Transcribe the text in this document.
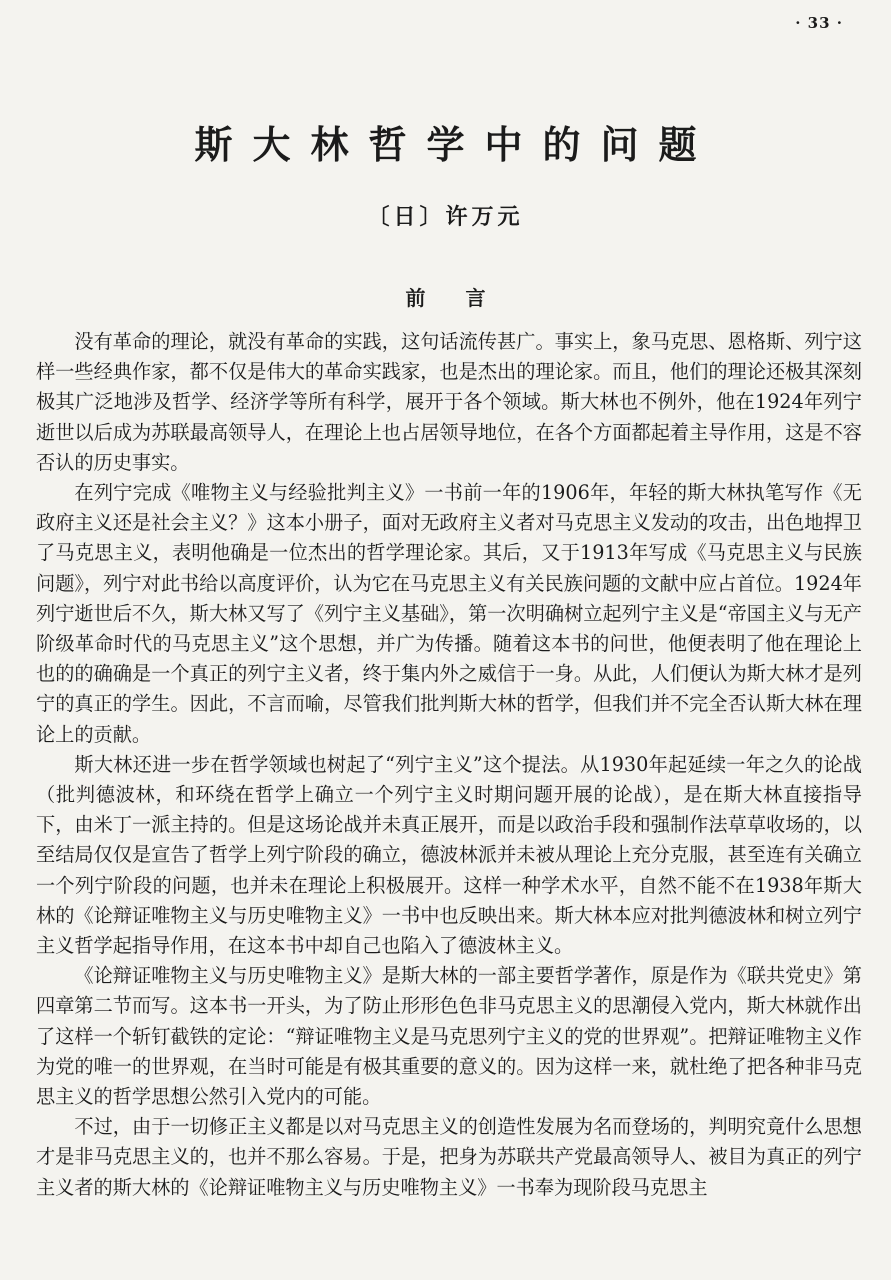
· 33 ·
斯大林哲学中的问题
〔日〕许万元
前言

没有革命的理论，就没有革命的实践，这句话流传甚广。事实上，象马克思、恩格斯、列宁这样一些经典作家，都不仅是伟大的革命实践家，也是杰出的理论家。而且，他们的理论还极其深刻极其广泛地涉及哲学、经济学等所有科学，展开于各个领域。斯大林也不例外，他在1924年列宁逝世以后成为苏联最高领导人，在理论上也占居领导地位，在各个方面都起着主导作用，这是不容否认的历史事实。

在列宁完成《唯物主义与经验批判主义》一书前一年的1906年，年轻的斯大林执笔写作《无政府主义还是社会主义？》这本小册子，面对无政府主义者对马克思主义发动的攻击，出色地捍卫了马克思主义，表明他确是一位杰出的哲学理论家。其后，又于1913年写成《马克思主义与民族问题》，列宁对此书给以高度评价，认为它在马克思主义有关民族问题的文献中应占首位。1924年列宁逝世后不久，斯大林又写了《列宁主义基础》，第一次明确树立起列宁主义是“帝国主义与无产阶级革命时代的马克思主义”这个思想，并广为传播。随着这本书的问世，他便表明了他在理论上也的的确确是一个真正的列宁主义者，终于集内外之威信于一身。从此，人们便认为斯大林才是列宁的真正的学生。因此，不言而喻，尽管我们批判斯大林的哲学，但我们并不完全否认斯大林在理论上的贡献。

斯大林还进一步在哲学领域也树起了“列宁主义”这个提法。从1930年起延续一年之久的论战（批判德波林，和环绕在哲学上确立一个列宁主义时期问题开展的论战），是在斯大林直接指导下，由米丁一派主持的。但是这场论战并未真正展开，而是以政治手段和强制作法草草收场的，以至结局仅仅是宣告了哲学上列宁阶段的确立，德波林派并未被从理论上充分克服，甚至连有关确立一个列宁阶段的问题，也并未在理论上积极展开。这样一种学术水平，自然不能不在1938年斯大林的《论辩证唯物主义与历史唯物主义》一书中也反映出来。斯大林本应对批判德波林和树立列宁主义哲学起指导作用，在这本书中却自己也陷入了德波林主义。

《论辩证唯物主义与历史唯物主义》是斯大林的一部主要哲学著作，原是作为《联共党史》第四章第二节而写。这本书一开头，为了防止形形色色非马克思主义的思潮侵入党内，斯大林就作出了这样一个斩钉截铁的定论：“辩证唯物主义是马克思列宁主义的党的世界观”。把辩证唯物主义作为党的唯一的世界观，在当时可能是有极其重要的意义的。因为这样一来，就杜绝了把各种非马克思主义的哲学思想公然引入党内的可能。

不过，由于一切修正主义都是以对马克思主义的创造性发展为名而登场的，判明究竟什么思想才是非马克思主义的，也并不那么容易。于是，把身为苏联共产党最高领导人、被目为真正的列宁主义者的斯大林的《论辩证唯物主义与历史唯物主义》一书奉为现阶段马克思主
